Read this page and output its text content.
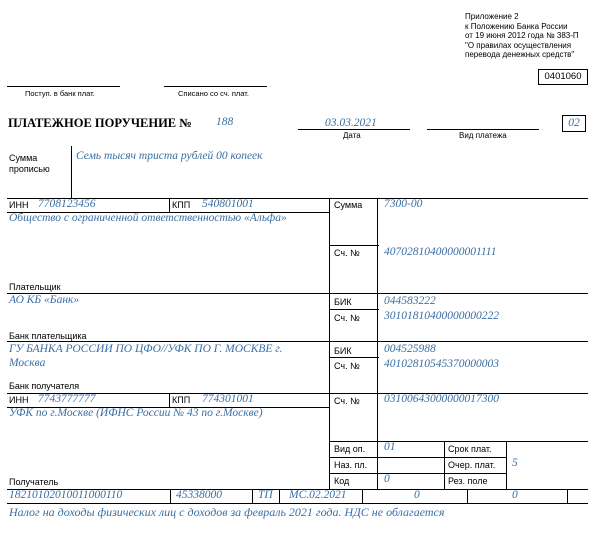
Приложение 2
к Положению Банка России
от 19 июня 2012 года № 383-П
"О правилах осуществления
перевода денежных средств"
0401060
Поступ. в банк плат.	Списано со сч. плат.
ПЛАТЕЖНОЕ ПОРУЧЕНИЕ № 188	03.03.2021
Дата	Вид платежа
02
Сумма
прописью
Семь тысяч триста рублей 00 копеек
ИНН 7708123456	КПП 540801001
Общество с ограниченной ответственностью «Альфа»
Плательщик
Сумма 7300-00
Сч. № 40702810400000001111
АО КБ «Банк»
Банк плательщика
БИК	044583222
Сч. № 30101810400000000222
ГУ БАНКА РОССИИ ПО ЦФО//УФК ПО Г. МОСКВЕ г.
Москва
Банк получателя
БИК	004525988
Сч. № 40102810545370000003
ИНН 7743777777	КПП 774301001
УФК по г.Москве (ИФНС России № 43 по г.Москве)
Получатель
Сч. № 03100643000000017300
Вид оп. 01
Наз. пл.
Код	0
Срок плат.
Очер. плат. 5
Рез. поле
18210102010011000110	45338000	ТП МС.02.2021	0	0
Налог на доходы физических лиц с доходов за февраль 2021 года. НДС не облагается
